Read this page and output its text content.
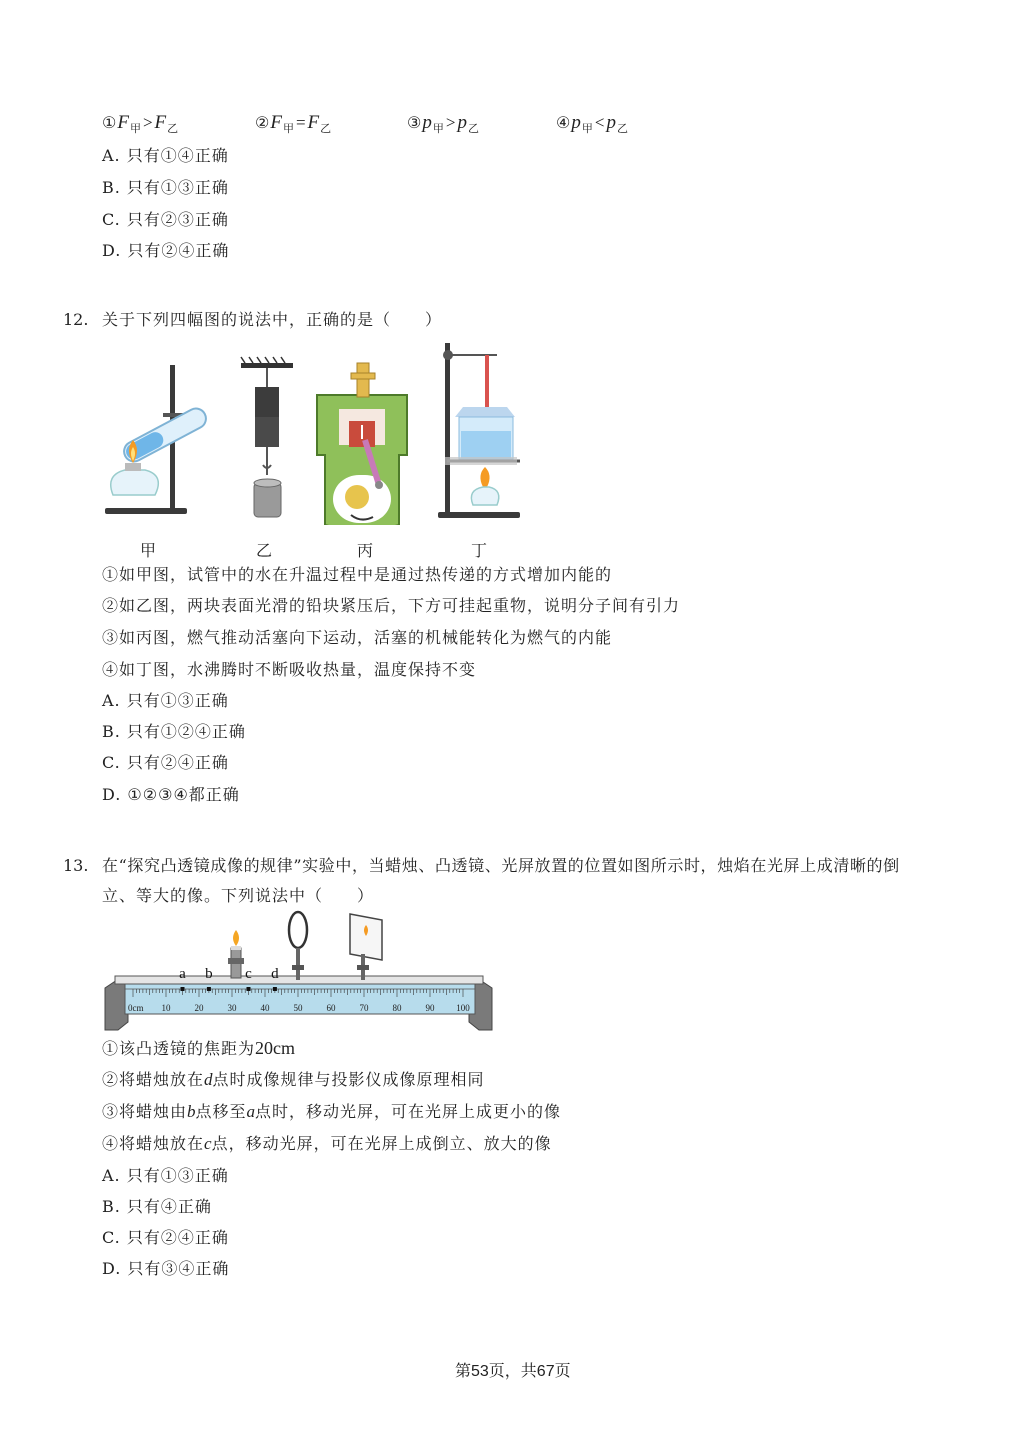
$①F_甲 > F_乙$	$②F_甲 = F_乙$	$③p_甲 > p_乙$	$④p_甲 < p_乙$
A. 只有①④正确
B. 只有①③正确
C. 只有②③正确
D. 只有②④正确
12. 关于下列四幅图的说法中，正确的是（　　）
甲	乙	丙	丁
①如甲图，试管中的水在升温过程中是通过热传递的方式增加内能的
②如乙图，两块表面光滑的铅块紧压后，下方可挂起重物，说明分子间有引力
③如丙图，燃气推动活塞向下运动，活塞的机械能转化为燃气的内能
④如丁图，水沸腾时不断吸收热量，温度保持不变
A. 只有①③正确
B. 只有①②④正确
C. 只有②④正确
D. ①②③④都正确
13. 在“探究凸透镜成像的规律”实验中，当蜡烛、凸透镜、光屏放置的位置如图所示时，烛焰在光屏上成清晰的倒
立、等大的像。下列说法中（　　）
a b c d
0cm 10	20	30	40	50	60	70	80	90 100
①该凸透镜的焦距为20cm
②将蜡烛放在d点时成像规律与投影仪成像原理相同
③将蜡烛由b点移至a点时，移动光屏，可在光屏上成更小的像
④将蜡烛放在c点，移动光屏，可在光屏上成倒立、放大的像
A. 只有①③正确
B. 只有④正确
C. 只有②④正确
D. 只有③④正确
第53页，共67页
